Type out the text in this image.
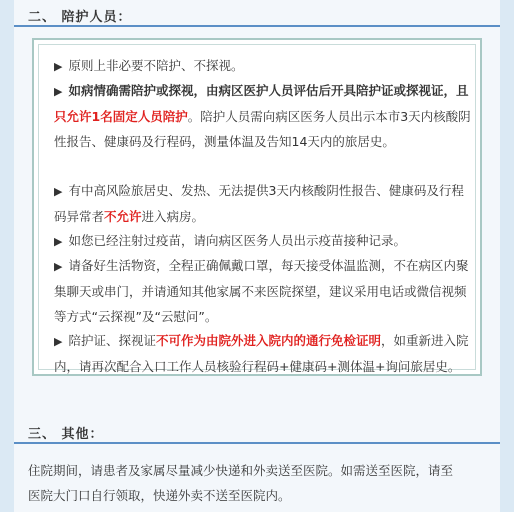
二、 陪护人员：
▶ 原则上非必要不陪护、不探视。
▶ 如病情确需陪护或探视，由病区医护人员评估后开具陪护证或探视证，且只允许1名固定人员陪护。陪护人员需向病区医务人员出示本市3天内核酸阴性报告、健康码及行程码，测量体温及告知14天内的旅居史。
▶ 有中高风险旅居史、发热、无法提供3天内核酸阴性报告、健康码及行程码异常者不允许进入病房。
▶ 如您已经注射过疫苗，请向病区医务人员出示疫苗接种记录。
▶ 请备好生活物资，全程正确佩戴口罩，每天接受体温监测，不在病区内聚集聊天或串门，并请通知其他家属不来医院探望，建议采用电话或微信视频等方式“云探视”及“云慰问”。
▶ 陪护证、探视证不可作为由院外进入院内的通行免检证明，如重新进入院内，请再次配合入口工作人员核验行程码+健康码+测体温+询问旅居史。
三、 其他：
住院期间，请患者及家属尽量减少快递和外卖送至医院。如需送至医院，请至医院大门口自行领取，快递外卖不送至医院内。
